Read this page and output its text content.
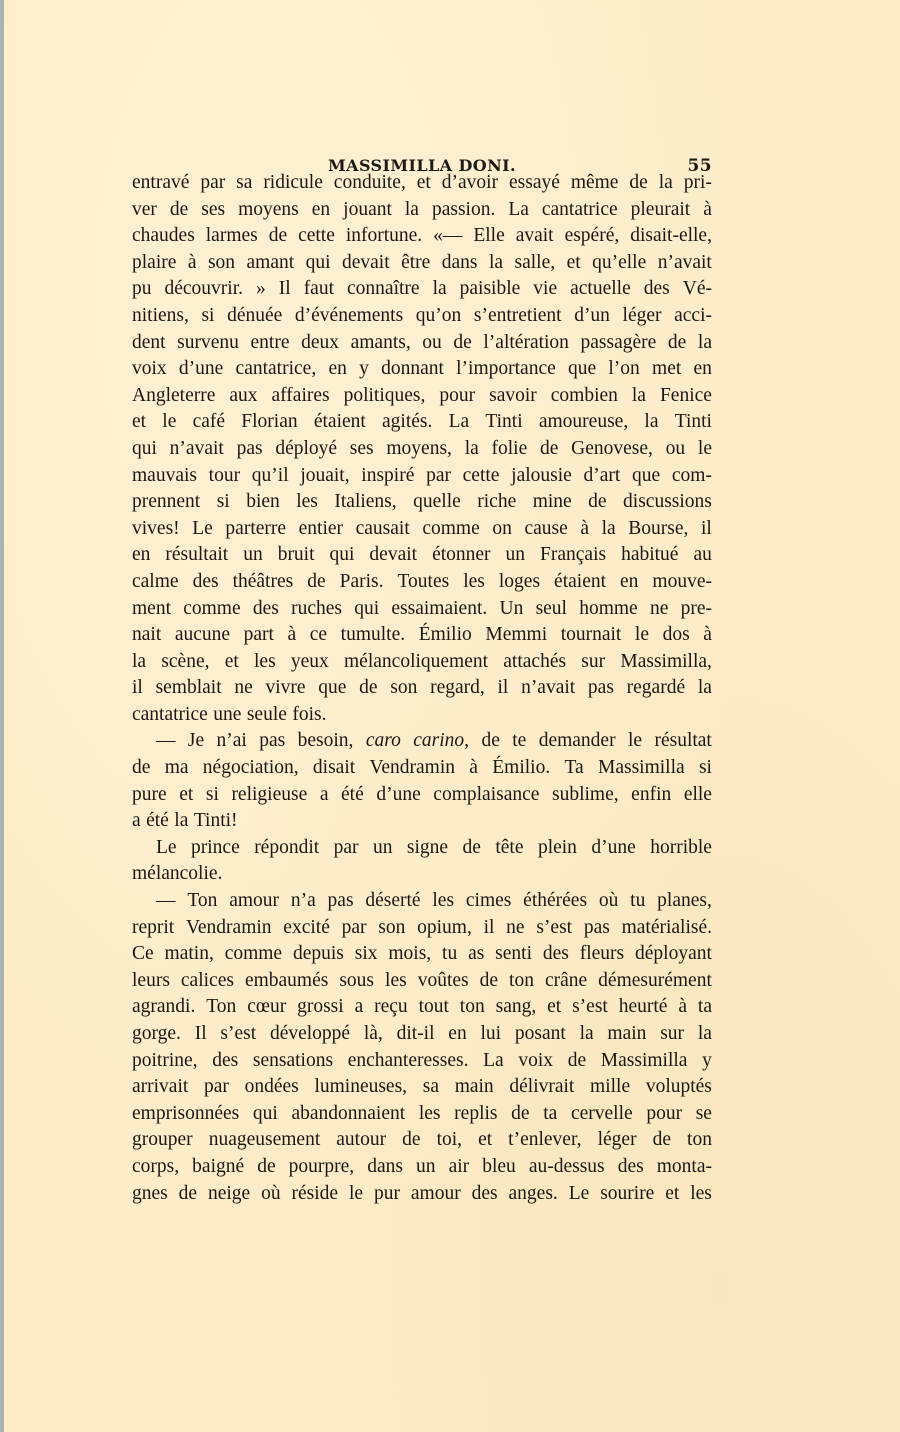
MASSIMILLA DONI.	55
entravé par sa ridicule conduite, et d’avoir essayé même de la pri-
ver de ses moyens en jouant la passion. La cantatrice pleurait à
chaudes larmes de cette infortune. «— Elle avait espéré, disait-elle,
plaire à son amant qui devait être dans la salle, et qu’elle n’avait
pu découvrir. » Il faut connaître la paisible vie actuelle des Vé-
nitiens, si dénuée d’événements qu’on s’entretient d’un léger acci-
dent survenu entre deux amants, ou de l’altération passagère de la
voix d’une cantatrice, en y donnant l’importance que l’on met en
Angleterre aux affaires politiques, pour savoir combien la Fenice
et le café Florian étaient agités. La Tinti amoureuse, la Tinti
qui n’avait pas déployé ses moyens, la folie de Genovese, ou le
mauvais tour qu’il jouait, inspiré par cette jalousie d’art que com-
prennent si bien les Italiens, quelle riche mine de discussions
vives! Le parterre entier causait comme on cause à la Bourse, il
en résultait un bruit qui devait étonner un Français habitué au
calme des théâtres de Paris. Toutes les loges étaient en mouve-
ment comme des ruches qui essaimaient. Un seul homme ne pre-
nait aucune part à ce tumulte. Émilio Memmi tournait le dos à
la scène, et les yeux mélancoliquement attachés sur Massimilla,
il semblait ne vivre que de son regard, il n’avait pas regardé la
cantatrice une seule fois.
— Je n’ai pas besoin, caro carino, de te demander le résultat
de ma négociation, disait Vendramin à Émilio. Ta Massimilla si
pure et si religieuse a été d’une complaisance sublime, enfin elle
a été la Tinti!
Le prince répondit par un signe de tête plein d’une horrible
mélancolie.
— Ton amour n’a pas déserté les cimes éthérées où tu planes,
reprit Vendramin excité par son opium, il ne s’est pas matérialisé.
Ce matin, comme depuis six mois, tu as senti des fleurs déployant
leurs calices embaumés sous les voûtes de ton crâne démesurément
agrandi. Ton cœur grossi a reçu tout ton sang, et s’est heurté à ta
gorge. Il s’est développé là, dit-il en lui posant la main sur la
poitrine, des sensations enchanteresses. La voix de Massimilla y
arrivait par ondées lumineuses, sa main délivrait mille voluptés
emprisonnées qui abandonnaient les replis de ta cervelle pour se
grouper nuageusement autour de toi, et t’enlever, léger de ton
corps, baigné de pourpre, dans un air bleu au-dessus des monta-
gnes de neige où réside le pur amour des anges. Le sourire et les
